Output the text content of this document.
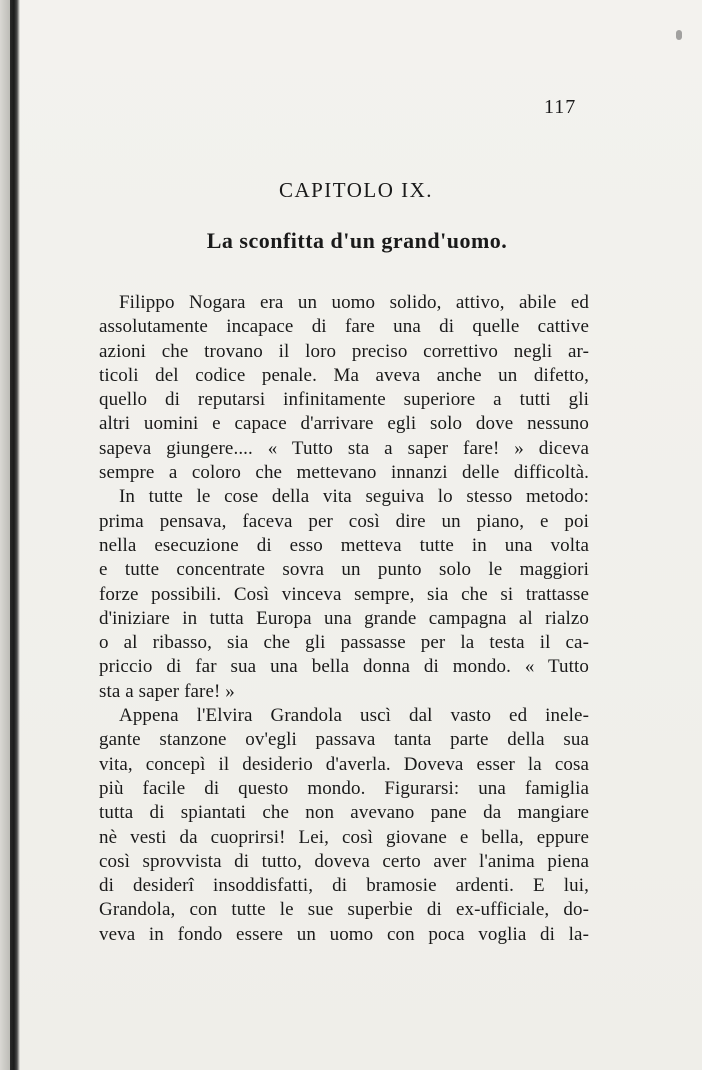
117
CAPITOLO IX.
La sconfitta d'un grand'uomo.
Filippo Nogara era un uomo solido, attivo, abile ed
assolutamente incapace di fare una di quelle cattive
azioni che trovano il loro preciso correttivo negli ar-
ticoli del codice penale. Ma aveva anche un difetto,
quello di reputarsi infinitamente superiore a tutti gli
altri uomini e capace d'arrivare egli solo dove nessuno
sapeva giungere.... « Tutto sta a saper fare! » diceva
sempre a coloro che mettevano innanzi delle difficoltà.
In tutte le cose della vita seguiva lo stesso metodo:
prima pensava, faceva per così dire un piano, e poi
nella esecuzione di esso metteva tutte in una volta
e tutte concentrate sovra un punto solo le maggiori
forze possibili. Così vinceva sempre, sia che si trattasse
d'iniziare in tutta Europa una grande campagna al rialzo
o al ribasso, sia che gli passasse per la testa il ca-
priccio di far sua una bella donna di mondo. « Tutto
sta a saper fare! »
Appena l'Elvira Grandola uscì dal vasto ed inele-
gante stanzone ov'egli passava tanta parte della sua
vita, concepì il desiderio d'averla. Doveva esser la cosa
più facile di questo mondo. Figurarsi: una famiglia
tutta di spiantati che non avevano pane da mangiare
nè vesti da cuoprirsi! Lei, così giovane e bella, eppure
così sprovvista di tutto, doveva certo aver l'anima piena
di desiderî insoddisfatti, di bramosie ardenti. E lui,
Grandola, con tutte le sue superbie di ex-ufficiale, do-
veva in fondo essere un uomo con poca voglia di la-
